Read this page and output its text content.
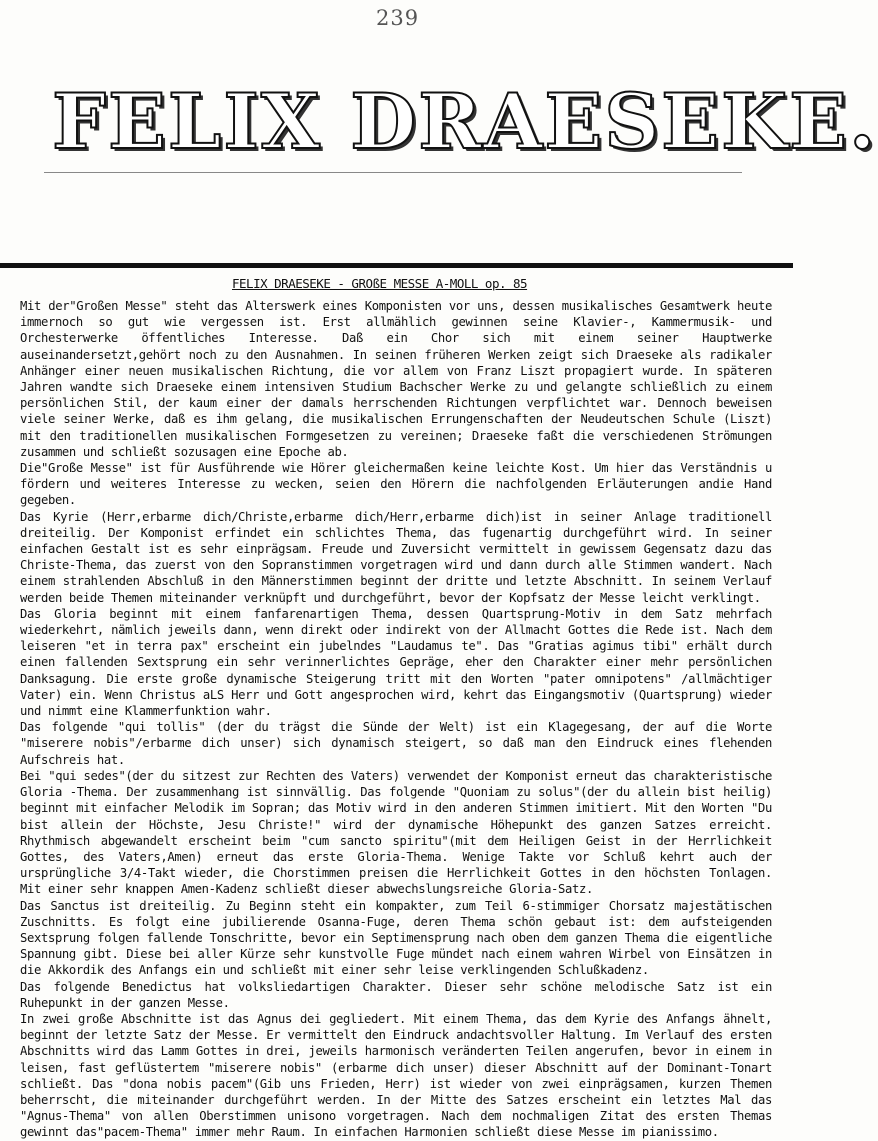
239
FELIX DRAESEKE.
FELIX DRAESEKE - GROßE MESSE A-MOLL op. 85

Mit der"Großen Messe" steht das Alterswerk eines Komponisten vor uns, dessen musikalisches Gesamtwerk heute immernoch so gut wie vergessen ist. Erst allmählich gewinnen seine Klavier-, Kammermusik- und Orchesterwerke öffentliches Interesse. Daß ein Chor sich mit einem seiner Hauptwerke auseinandersetzt,gehört noch zu den Ausnahmen. In seinen früheren Werken zeigt sich Draeseke als radikaler Anhänger einer neuen musikalischen Richtung, die vor allem von Franz Liszt propagiert wurde. In späteren Jahren wandte sich Draeseke einem intensiven Studium Bachscher Werke zu und gelangte schließlich zu einem persönlichen Stil, der kaum einer der damals herrschenden Richtungen verpflichtet war. Dennoch beweisen viele seiner Werke, daß es ihm gelang, die musikalischen Errungenschaften der Neudeutschen Schule (Liszt) mit den traditionellen musikalischen Formgesetzen zu vereinen; Draeseke faßt die verschiedenen Strömungen zusammen und schließt sozusagen eine Epoche ab.

Die"Große Messe" ist für Ausführende wie Hörer gleichermaßen keine leichte Kost. Um hier das Verständnis u fördern und weiteres Interesse zu wecken, seien den Hörern die nachfolgenden Erläuterungen andie Hand gegeben.

Das Kyrie (Herr,erbarme dich/Christe,erbarme dich/Herr,erbarme dich)ist in seiner Anlage traditionell dreiteilig. Der Komponist erfindet ein schlichtes Thema, das fugenartig durchgeführt wird. In seiner einfachen Gestalt ist es sehr einprägsam. Freude und Zuversicht vermittelt in gewissem Gegensatz dazu das Christe-Thema, das zuerst von den Sopranstimmen vorgetragen wird und dann durch alle Stimmen wandert. Nach einem strahlenden Abschluß in den Männerstimmen beginnt der dritte und letzte Abschnitt. In seinem Verlauf werden beide Themen miteinander verknüpft und durchgeführt, bevor der Kopfsatz der Messe leicht verklingt.

Das Gloria beginnt mit einem fanfarenartigen Thema, dessen Quartsprung-Motiv in dem Satz mehrfach wiederkehrt, nämlich jeweils dann, wenn direkt oder indirekt von der Allmacht Gottes die Rede ist. Nach dem leiseren "et in terra pax" erscheint ein jubelndes "Laudamus te". Das "Gratias agimus tibi" erhält durch einen fallenden Sextsprung ein sehr verinnerlichtes Gepräge, eher den Charakter einer mehr persönlichen Danksagung. Die erste große dynamische Steigerung tritt mit den Worten "pater omnipotens" /allmächtiger Vater) ein. Wenn Christus aLS Herr und Gott angesprochen wird, kehrt das Eingangsmotiv (Quartsprung) wieder und nimmt eine Klammerfunktion wahr.

Das folgende "qui tollis" (der du trägst die Sünde der Welt) ist ein Klagegesang, der auf die Worte "miserere nobis"/erbarme dich unser) sich dynamisch steigert, so daß man den Eindruck eines flehenden Aufschreis hat.

Bei "qui sedes"(der du sitzest zur Rechten des Vaters) verwendet der Komponist erneut das charakteristische Gloria -Thema. Der zusammenhang ist sinnvällig. Das folgende "Quoniam zu solus"(der du allein bist heilig) beginnt mit einfacher Melodik im Sopran; das Motiv wird in den anderen Stimmen imitiert. Mit den Worten "Du bist allein der Höchste, Jesu Christe!" wird der dynamische Höhepunkt des ganzen Satzes erreicht. Rhythmisch abgewandelt erscheint beim "cum sancto spiritu"(mit dem Heiligen Geist in der Herrlichkeit Gottes, des Vaters,Amen) erneut das erste Gloria-Thema. Wenige Takte vor Schluß kehrt auch der ursprüngliche 3/4-Takt wieder, die Chorstimmen preisen die Herrlichkeit Gottes in den höchsten Tonlagen. Mit einer sehr knappen Amen-Kadenz schließt dieser abwechslungsreiche Gloria-Satz.

Das Sanctus ist dreiteilig. Zu Beginn steht ein kompakter, zum Teil 6-stimmiger Chorsatz majestätischen Zuschnitts. Es folgt eine jubilierende Osanna-Fuge, deren Thema schön gebaut ist: dem aufsteigenden Sextsprung folgen fallende Tonschritte, bevor ein Septimensprung nach oben dem ganzen Thema die eigentliche Spannung gibt. Diese bei aller Kürze sehr kunstvolle Fuge mündet nach einem wahren Wirbel von Einsätzen in die Akkordik des Anfangs ein und schließt mit einer sehr leise verklingenden Schlußkadenz.

Das folgende Benedictus hat volksliedartigen Charakter. Dieser sehr schöne melodische Satz ist ein Ruhepunkt in der ganzen Messe.

In zwei große Abschnitte ist das Agnus dei gegliedert. Mit einem Thema, das dem Kyrie des Anfangs ähnelt, beginnt der letzte Satz der Messe. Er vermittelt den Eindruck andachtsvoller Haltung. Im Verlauf des ersten Abschnitts wird das Lamm Gottes in drei, jeweils harmonisch veränderten Teilen angerufen, bevor in einem in leisen, fast geflüstertem "miserere nobis" (erbarme dich unser) dieser Abschnitt auf der Dominant-Tonart schließt. Das "dona nobis pacem"(Gib uns Frieden, Herr) ist wieder von zwei einprägsamen, kurzen Themen beherrscht, die miteinander durchgeführt werden. In der Mitte des Satzes erscheint ein letztes Mal das "Agnus-Thema" von allen Oberstimmen unisono vorgetragen. Nach dem nochmaligen Zitat des ersten Themas gewinnt das"pacem-Thema" immer mehr Raum. In einfachen Harmonien schließt diese Messe im pianissimo.
